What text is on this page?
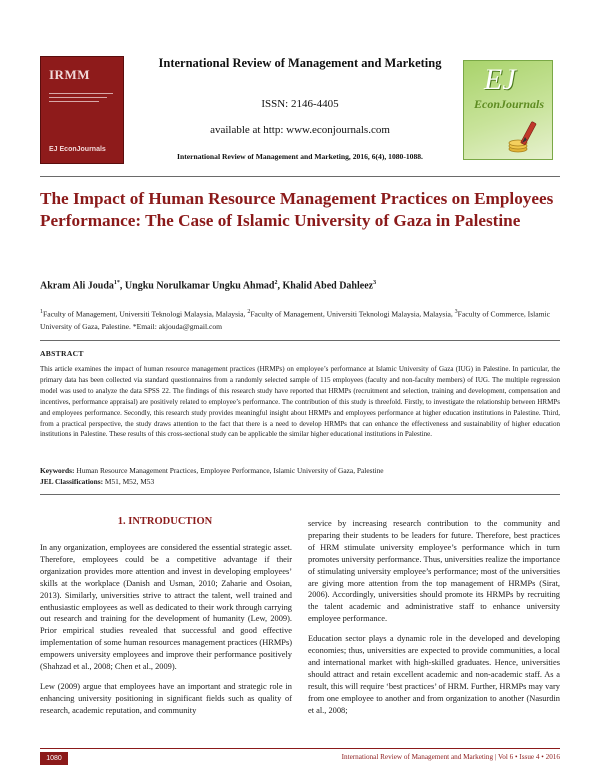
IRMM
EJ EconJournals
International Review of Management and Marketing
ISSN: 2146-4405
available at http: www.econjournals.com
International Review of Management and Marketing, 2016, 6(4), 1080-1088.
EJ
EconJournals
The Impact of Human Resource Management Practices on Employees Performance: The Case of Islamic University of Gaza in Palestine
Akram Ali Jouda$^{1*}$, Ungku Norulkamar Ungku Ahmad$^2$, Khalid Abed Dahleez$^3$
$^1$Faculty of Management, Universiti Teknologi Malaysia, Malaysia, $^2$Faculty of Management, Universiti Teknologi Malaysia, Malaysia, $^3$Faculty of Commerce, Islamic University of Gaza, Palestine. *Email: akjouda@gmail.com
ABSTRACT
This article examines the impact of human resource management practices (HRMPs) on employee’s performance at Islamic University of Gaza (IUG) in Palestine. In particular, the primary data has been collected via standard questionnaires from a randomly selected sample of 115 employees (faculty and non-faculty members) of IUG. The multiple regression model was used to analyze the data SPSS 22. The findings of this research study have reported that HRMPs (recruitment and selection, training and development, compensation and incentives, performance appraisal) are positively related to employee’s performance. The contribution of this study is threefold. Firstly, to investigate the relationship between HRMPs and employees performance. Secondly, this research study provides meaningful insight about HRMPs and employees performance at higher education institutions in Palestine. Third, from a practical perspective, the study draws attention to the fact that there is a need to develop HRMPs that can enhance the effectiveness and sustainability of higher education institutions in Palestine. These results of this cross-sectional study can be applicable the similar higher educational institutions in Palestine.
Keywords: Human Resource Management Practices, Employee Performance, Islamic University of Gaza, Palestine
JEL Classifications: M51, M52, M53
1. INTRODUCTION

In any organization, employees are considered the essential strategic asset. Therefore, employees could be a competitive advantage if their organization provides more attention and invest in developing employees’ skills at the workplace (Danish and Usman, 2010; Zaharie and Osoian, 2013). Similarly, universities strive to attract the talent, well trained and enthusiastic employees as well as dedicated to their work through carrying out research and training for the development of humanity (Lew, 2009). Prior empirical studies revealed that successful and good effective implementation of some human resources management practices (HRMPs) empowers university employees and improve their performance positively (Shahzad et al., 2008; Chen et al., 2009).

Lew (2009) argue that employees have an important and strategic role in enhancing university positioning in significant fields such as quality of research, academic reputation, and community

service by increasing research contribution to the community and preparing their students to be leaders for future. Therefore, best practices of HRM stimulate university employee’s performance which in turn promotes university performance. Thus, universities realize the importance of stimulating university employee’s performance; most of the universities are giving more attention from the top management of HRMPs (Sirat, 2006). Accordingly, universities should promote its HRMPs by recruiting the talent academic and administrative staff to enhance university employee performance.

Education sector plays a dynamic role in the developed and developing economies; thus, universities are expected to provide communities, a local and international market with high-skilled graduates. Hence, universities should attract and retain excellent academic and non-academic staff. As a result, this will require ‘best practices’ of HRM. Further, HRMPs may vary from one employee to another and from organization to another (Nasurdin et al., 2008;

1080	International Review of Management and Marketing | Vol 6 • Issue 4 • 2016
